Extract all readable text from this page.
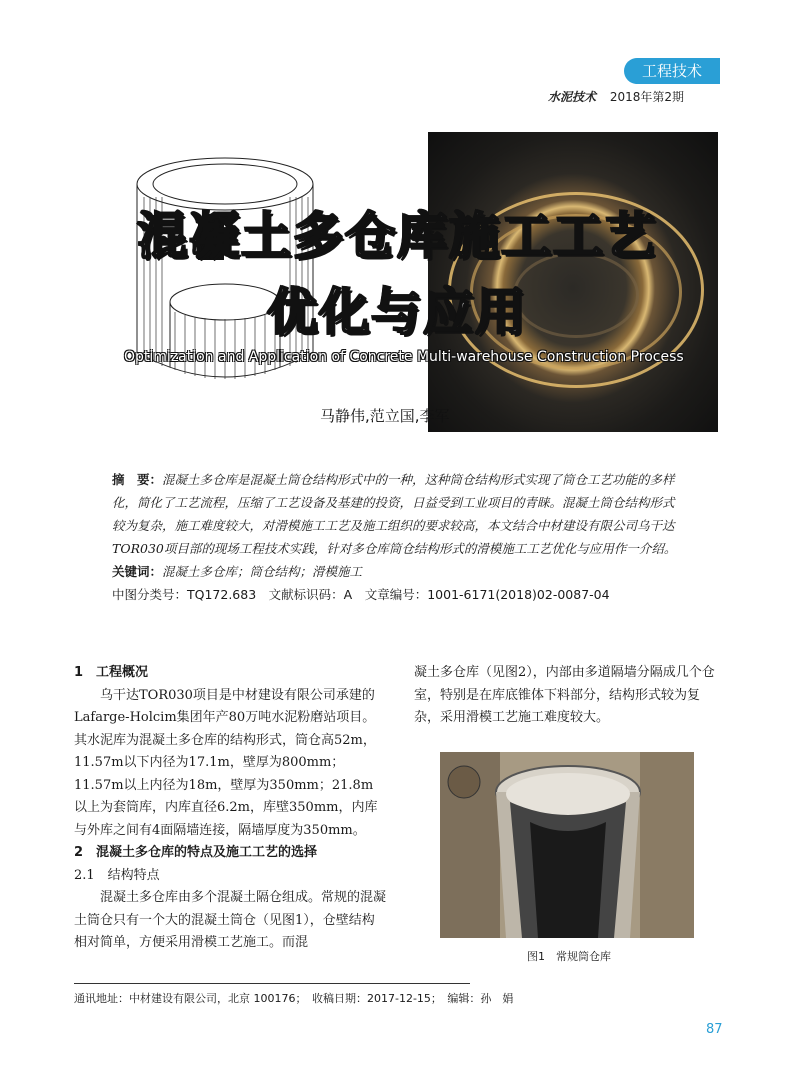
工程技术
水泥技术 2018年第2期
混凝土多仓库施工工艺
优化与应用
Optimization and Application of Concrete Multi-warehouse Construction Process
马静伟,范立国,李军

摘　要：混凝土多仓库是混凝土筒仓结构形式中的一种，这种筒仓结构形式实现了筒仓工艺功能的多样化，简化了工艺流程，压缩了工艺设备及基建的投资，日益受到工业项目的青睐。混凝土筒仓结构形式较为复杂，施工难度较大，对滑模施工工艺及施工组织的要求较高，本文结合中材建设有限公司乌干达TOR030项目部的现场工程技术实践，针对多仓库筒仓结构形式的滑模施工工艺优化与应用作一介绍。

关键词：混凝土多仓库；筒仓结构；滑模施工

中图分类号：TQ172.683　文献标识码：A　文章编号：1001-6171(2018)02-0087-04

1　工程概况

乌干达TOR030项目是中材建设有限公司承建的Lafarge-Holcim集团年产80万吨水泥粉磨站项目。其水泥库为混凝土多仓库的结构形式，筒仓高52m，11.57m以下内径为17.1m，壁厚为800mm；11.57m以上内径为18m，壁厚为350mm；21.8m以上为套筒库，内库直径6.2m，库壁350mm，内库与外库之间有4面隔墙连接，隔墙厚度为350mm。

2　混凝土多仓库的特点及施工工艺的选择

2.1　结构特点

混凝土多仓库由多个混凝土隔仓组成。常规的混凝土筒仓只有一个大的混凝土筒仓（见图1），仓壁结构相对简单，方便采用滑模工艺施工。而混

凝土多仓库（见图2），内部由多道隔墙分隔成几个仓室，特别是在库底锥体下料部分，结构形式较为复杂，采用滑模工艺施工难度较大。

图1　常规筒仓库
通讯地址：中材建设有限公司，北京 100176；　收稿日期：2017-12-15；　编辑：孙　娟
87
